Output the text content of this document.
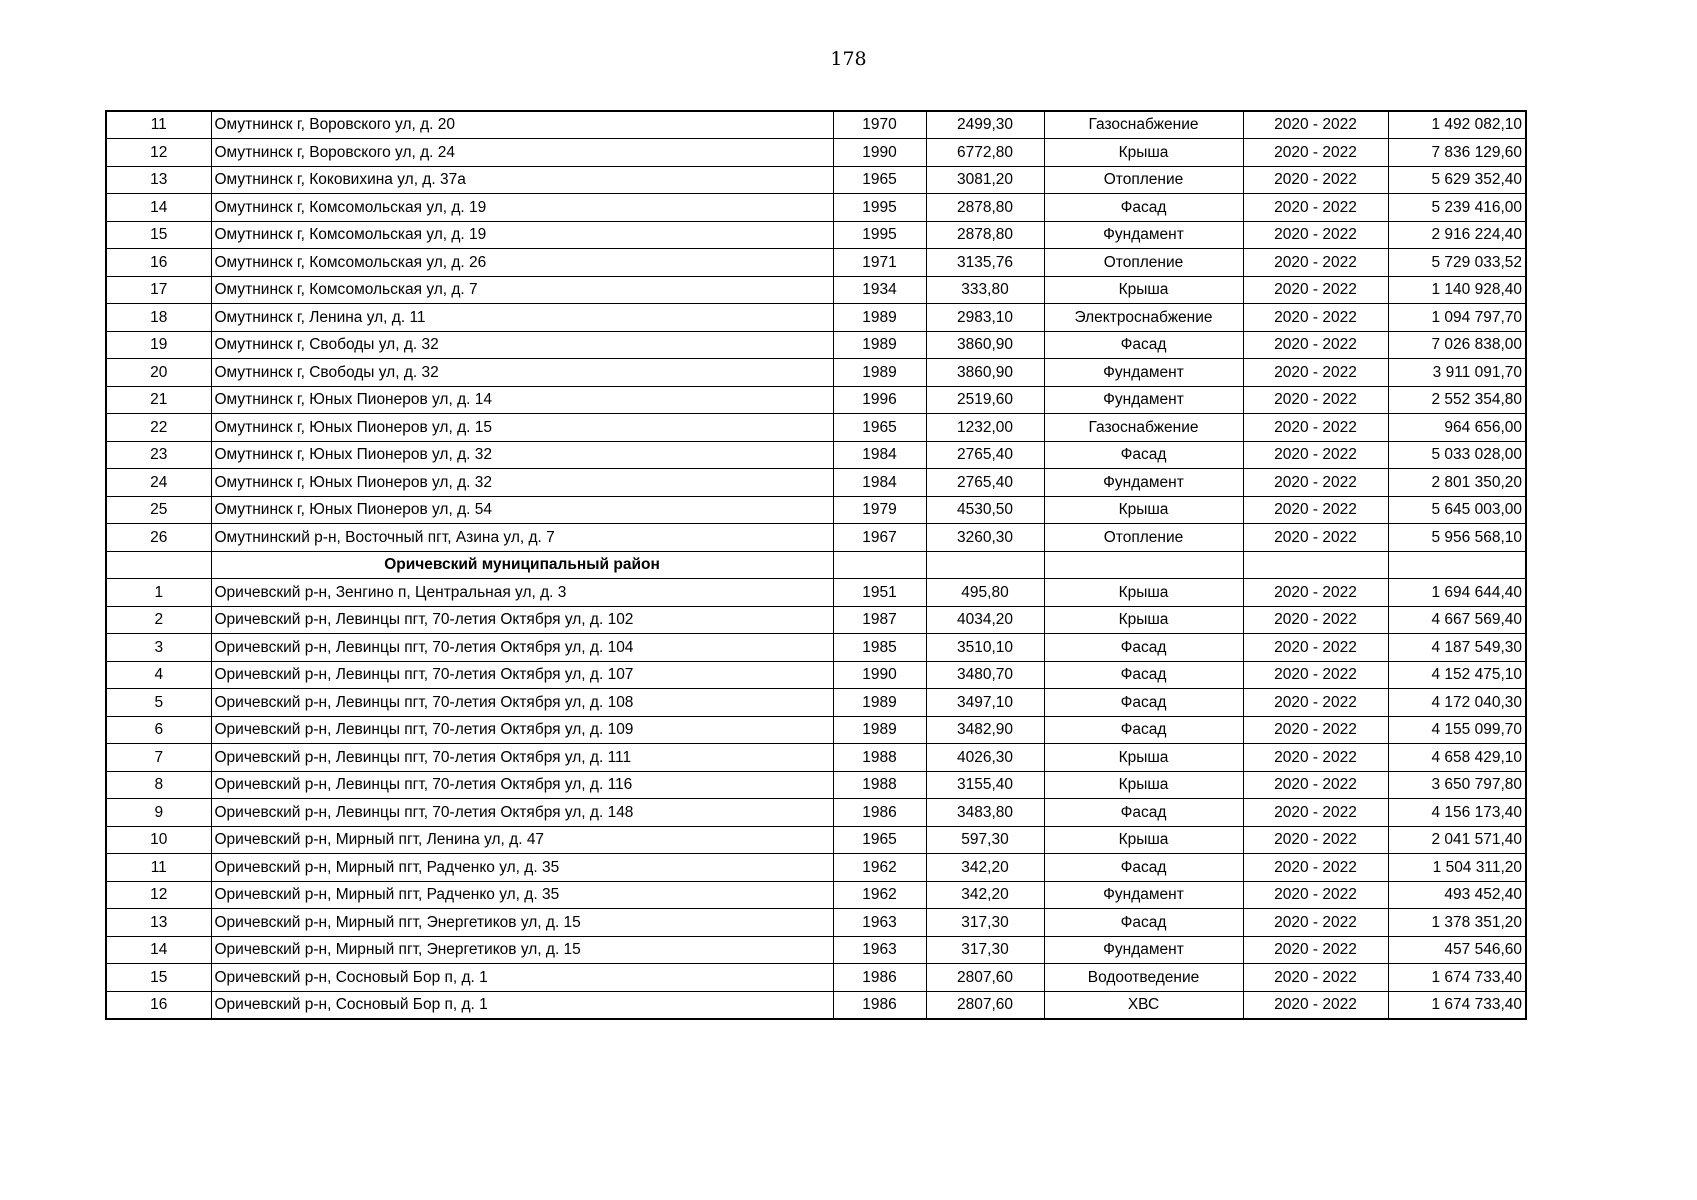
178
11	Омутнинск г, Воровского ул, д. 20	1970	2499,30	Газоснабжение	2020 - 2022	1 492 082,10
12	Омутнинск г, Воровского ул, д. 24	1990	6772,80	Крыша	2020 - 2022	7 836 129,60
13	Омутнинск г, Коковихина ул, д. 37а	1965	3081,20	Отопление	2020 - 2022	5 629 352,40
14	Омутнинск г, Комсомольская ул, д. 19	1995	2878,80	Фасад	2020 - 2022	5 239 416,00
15	Омутнинск г, Комсомольская ул, д. 19	1995	2878,80	Фундамент	2020 - 2022	2 916 224,40
16	Омутнинск г, Комсомольская ул, д. 26	1971	3135,76	Отопление	2020 - 2022	5 729 033,52
17	Омутнинск г, Комсомольская ул, д. 7	1934	333,80	Крыша	2020 - 2022	1 140 928,40
18	Омутнинск г, Ленина ул, д. 11	1989	2983,10	Электроснабжение	2020 - 2022	1 094 797,70
19	Омутнинск г, Свободы ул, д. 32	1989	3860,90	Фасад	2020 - 2022	7 026 838,00
20	Омутнинск г, Свободы ул, д. 32	1989	3860,90	Фундамент	2020 - 2022	3 911 091,70
21	Омутнинск г, Юных Пионеров ул, д. 14	1996	2519,60	Фундамент	2020 - 2022	2 552 354,80
22	Омутнинск г, Юных Пионеров ул, д. 15	1965	1232,00	Газоснабжение	2020 - 2022	964 656,00
23	Омутнинск г, Юных Пионеров ул, д. 32	1984	2765,40	Фасад	2020 - 2022	5 033 028,00
24	Омутнинск г, Юных Пионеров ул, д. 32	1984	2765,40	Фундамент	2020 - 2022	2 801 350,20
25	Омутнинск г, Юных Пионеров ул, д. 54	1979	4530,50	Крыша	2020 - 2022	5 645 003,00
26	Омутнинский р-н, Восточный пгт, Азина ул, д. 7	1967	3260,30	Отопление	2020 - 2022	5 956 568,10
	Оричевский муниципальный район					
1	Оричевский р-н, Зенгино п, Центральная ул, д. 3	1951	495,80	Крыша	2020 - 2022	1 694 644,40
2	Оричевский р-н, Левинцы пгт, 70-летия Октября ул, д. 102	1987	4034,20	Крыша	2020 - 2022	4 667 569,40
3	Оричевский р-н, Левинцы пгт, 70-летия Октября ул, д. 104	1985	3510,10	Фасад	2020 - 2022	4 187 549,30
4	Оричевский р-н, Левинцы пгт, 70-летия Октября ул, д. 107	1990	3480,70	Фасад	2020 - 2022	4 152 475,10
5	Оричевский р-н, Левинцы пгт, 70-летия Октября ул, д. 108	1989	3497,10	Фасад	2020 - 2022	4 172 040,30
6	Оричевский р-н, Левинцы пгт, 70-летия Октября ул, д. 109	1989	3482,90	Фасад	2020 - 2022	4 155 099,70
7	Оричевский р-н, Левинцы пгт, 70-летия Октября ул, д. 111	1988	4026,30	Крыша	2020 - 2022	4 658 429,10
8	Оричевский р-н, Левинцы пгт, 70-летия Октября ул, д. 116	1988	3155,40	Крыша	2020 - 2022	3 650 797,80
9	Оричевский р-н, Левинцы пгт, 70-летия Октября ул, д. 148	1986	3483,80	Фасад	2020 - 2022	4 156 173,40
10	Оричевский р-н, Мирный пгт, Ленина ул, д. 47	1965	597,30	Крыша	2020 - 2022	2 041 571,40
11	Оричевский р-н, Мирный пгт, Радченко ул, д. 35	1962	342,20	Фасад	2020 - 2022	1 504 311,20
12	Оричевский р-н, Мирный пгт, Радченко ул, д. 35	1962	342,20	Фундамент	2020 - 2022	493 452,40
13	Оричевский р-н, Мирный пгт, Энергетиков ул, д. 15	1963	317,30	Фасад	2020 - 2022	1 378 351,20
14	Оричевский р-н, Мирный пгт, Энергетиков ул, д. 15	1963	317,30	Фундамент	2020 - 2022	457 546,60
15	Оричевский р-н, Сосновый Бор п, д. 1	1986	2807,60	Водоотведение	2020 - 2022	1 674 733,40
16	Оричевский р-н, Сосновый Бор п, д. 1	1986	2807,60	ХВС	2020 - 2022	1 674 733,40
